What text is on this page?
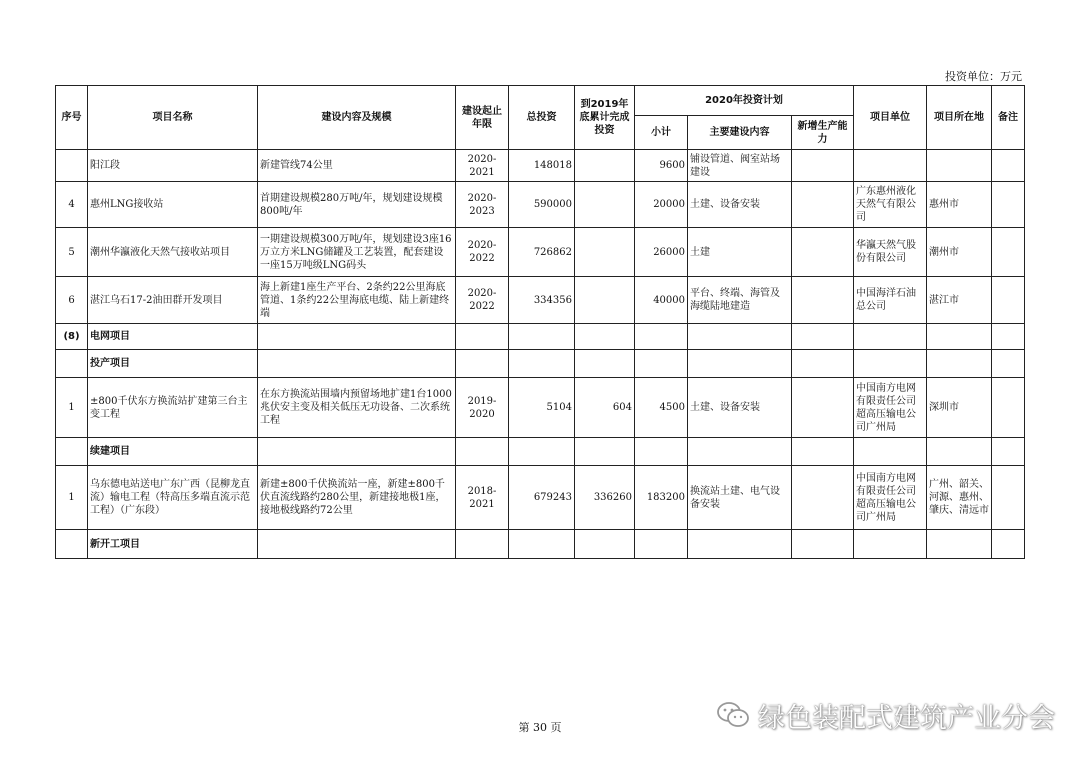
投资单位：万元
序号	项目名称	建设内容及规模	建设起止年限	总投资	到2019年底累计完成投资	2020年投资计划			项目单位	项目所在地	备注
						小计	主要建设内容	新增生产能力			
	阳江段	新建管线74公里	2020-2021	148018		9600	铺设管道、阀室站场建设				
4	惠州LNG接收站	首期建设规模280万吨/年，规划建设规模800吨/年	2020-2023	590000		20000	土建、设备安装		广东惠州液化天然气有限公司	惠州市	
5	潮州华瀛液化天然气接收站项目	一期建设规模300万吨/年，规划建设3座16万立方米LNG储罐及工艺装置，配套建设一座15万吨级LNG码头	2020-2022	726862		26000	土建		华瀛天然气股份有限公司	潮州市	
6	湛江乌石17-2油田群开发项目	海上新建1座生产平台、2条约22公里海底管道、1条约22公里海底电缆、陆上新建终端	2020-2022	334356		40000	平台、终端、海管及海缆陆地建造		中国海洋石油总公司	湛江市	
(8)	电网项目										
	投产项目										
1	±800千伏东方换流站扩建第三台主变工程	在东方换流站围墙内预留场地扩建1台1000兆伏安主变及相关低压无功设备、二次系统工程	2019-2020	5104	604	4500	土建、设备安装		中国南方电网有限责任公司超高压输电公司广州局	深圳市	
	续建项目										
1	乌东德电站送电广东广西（昆柳龙直流）输电工程（特高压多端直流示范工程）（广东段）	新建±800千伏换流站一座，新建±800千伏直流线路约280公里，新建接地极1座，接地极线路约72公里	2018-2021	679243	336260	183200	换流站土建、电气设备安装		中国南方电网有限责任公司超高压输电公司广州局	广州、韶关、河源、惠州、肇庆、清远市	
	新开工项目										
第 30 页	绿色装配式建筑产业分会
